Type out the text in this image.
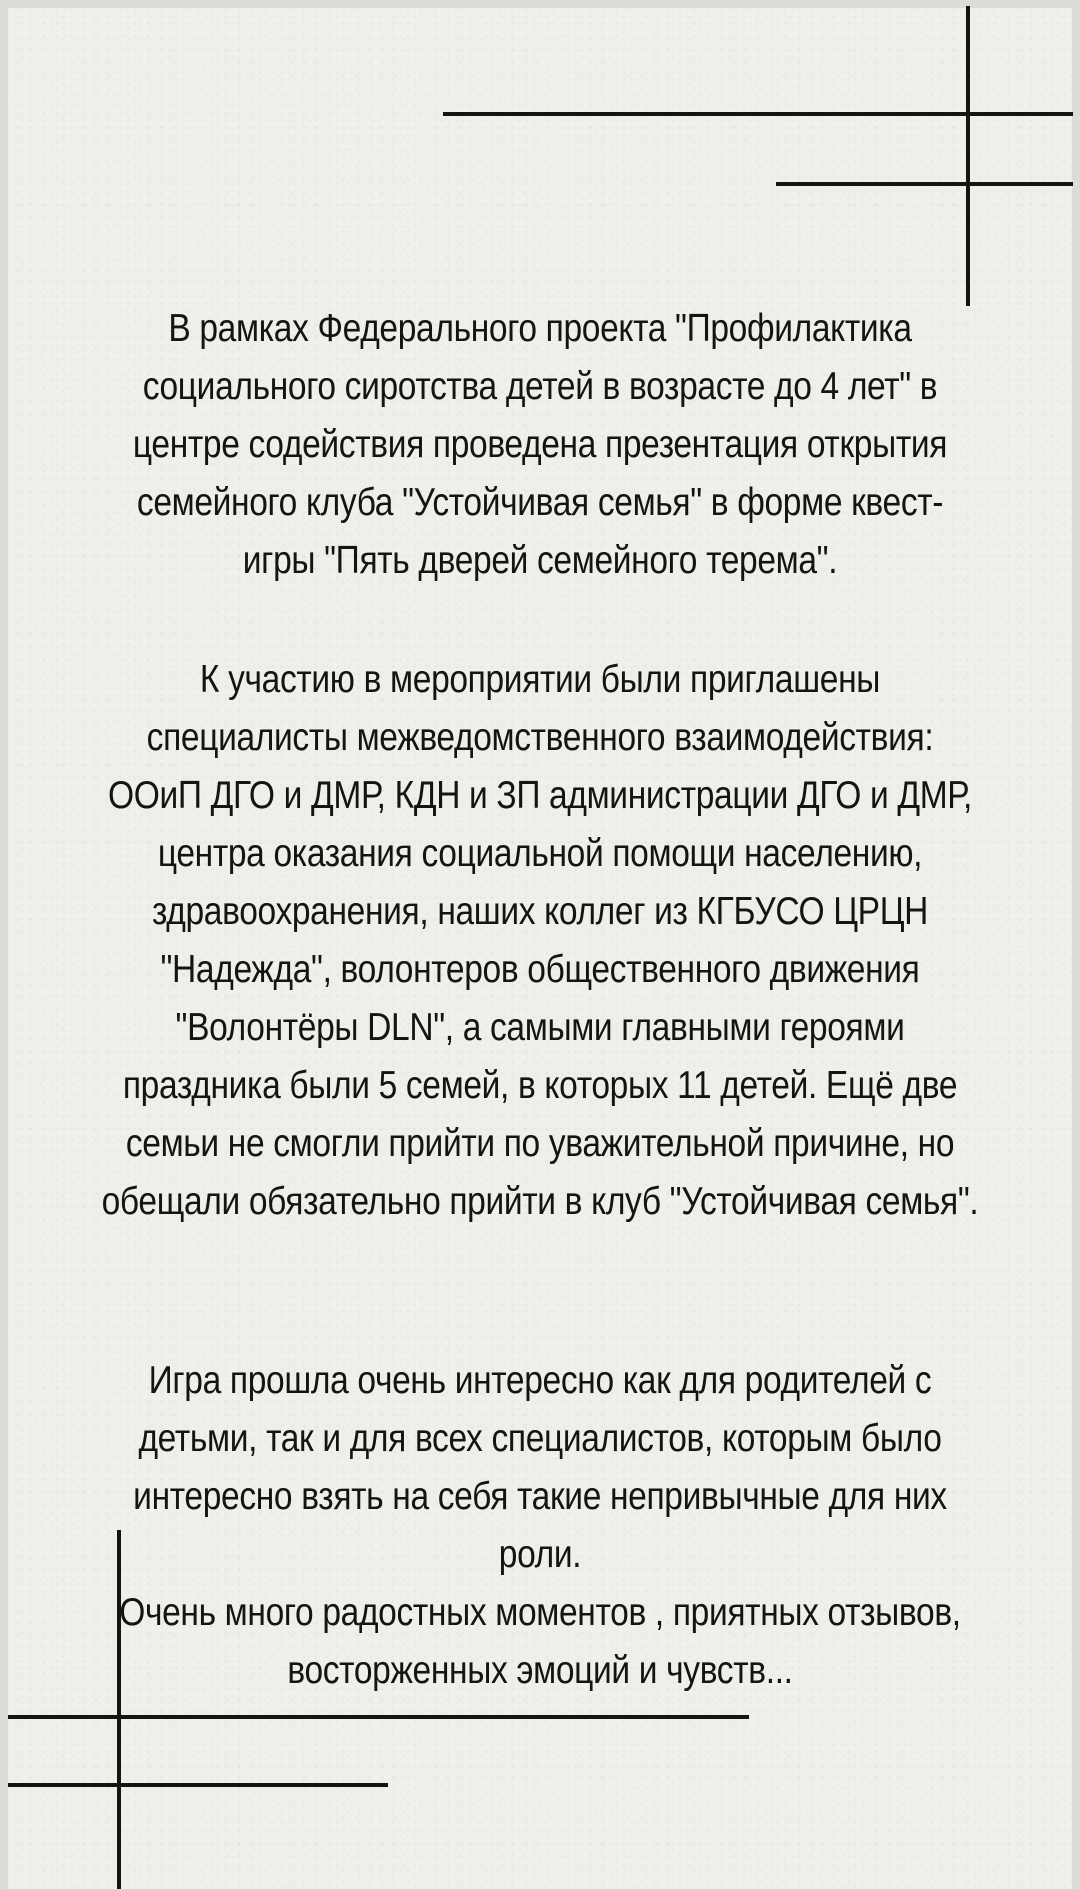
В рамках Федерального проекта "Профилактика социального сиротства детей в возрасте до 4 лет" в центре содействия проведена презентация открытия семейного клуба "Устойчивая семья" в форме квест-игры "Пять дверей семейного терема".

К участию в мероприятии были приглашены специалисты межведомственного взаимодействия: ООиП ДГО и ДМР, КДН и ЗП администрации ДГО и ДМР, центра оказания социальной помощи населению, здравоохранения, наших коллег из КГБУСО ЦРЦН "Надежда", волонтеров общественного движения "Волонтёры DLN", а самыми главными героями праздника были 5 семей, в которых 11 детей. Ещё две семьи не смогли прийти по уважительной причине, но обещали обязательно прийти в клуб "Устойчивая семья".

Игра прошла очень интересно как для родителей с детьми, так и для всех специалистов, которым было интересно взять на себя такие непривычные для них роли.

Очень много радостных моментов , приятных отзывов, восторженных эмоций и чувств...
